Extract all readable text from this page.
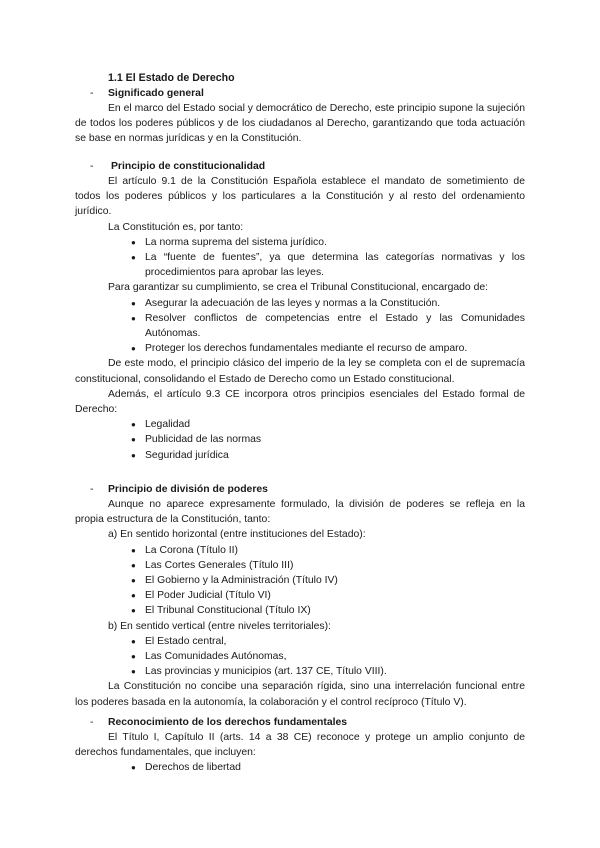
1.1 El Estado de Derecho
-	Significado general

En el marco del Estado social y democrático de Derecho, este principio supone la sujeción de todos los poderes públicos y de los ciudadanos al Derecho, garantizando que toda actuación se base en normas jurídicas y en la Constitución.

-	Principio de constitucionalidad

El artículo 9.1 de la Constitución Española establece el mandato de sometimiento de todos los poderes públicos y los particulares a la Constitución y al resto del ordenamiento jurídico.

La Constitución es, por tanto:

● La norma suprema del sistema jurídico.
● La “fuente de fuentes”, ya que determina las categorías normativas y los procedimientos para aprobar las leyes.

Para garantizar su cumplimiento, se crea el Tribunal Constitucional, encargado de:

● Asegurar la adecuación de las leyes y normas a la Constitución.
● Resolver conflictos de competencias entre el Estado y las Comunidades Autónomas.
● Proteger los derechos fundamentales mediante el recurso de amparo.

De este modo, el principio clásico del imperio de la ley se completa con el de supremacía constitucional, consolidando el Estado de Derecho como un Estado constitucional.

Además, el artículo 9.3 CE incorpora otros principios esenciales del Estado formal de Derecho:

● Legalidad
● Publicidad de las normas
● Seguridad jurídica
-	Principio de división de poderes

Aunque no aparece expresamente formulado, la división de poderes se refleja en la propia estructura de la Constitución, tanto:

a) En sentido horizontal (entre instituciones del Estado):

● La Corona (Título II)
● Las Cortes Generales (Título III)
● El Gobierno y la Administración (Título IV)
● El Poder Judicial (Título VI)
● El Tribunal Constitucional (Título IX)

b) En sentido vertical (entre niveles territoriales):

● El Estado central,
● Las Comunidades Autónomas,
● Las provincias y municipios (art. 137 CE, Título VIII).

La Constitución no concibe una separación rígida, sino una interrelación funcional entre los poderes basada en la autonomía, la colaboración y el control recíproco (Título V).

-	Reconocimiento de los derechos fundamentales

El Título I, Capítulo II (arts. 14 a 38 CE) reconoce y protege un amplio conjunto de derechos fundamentales, que incluyen:

● Derechos de libertad
